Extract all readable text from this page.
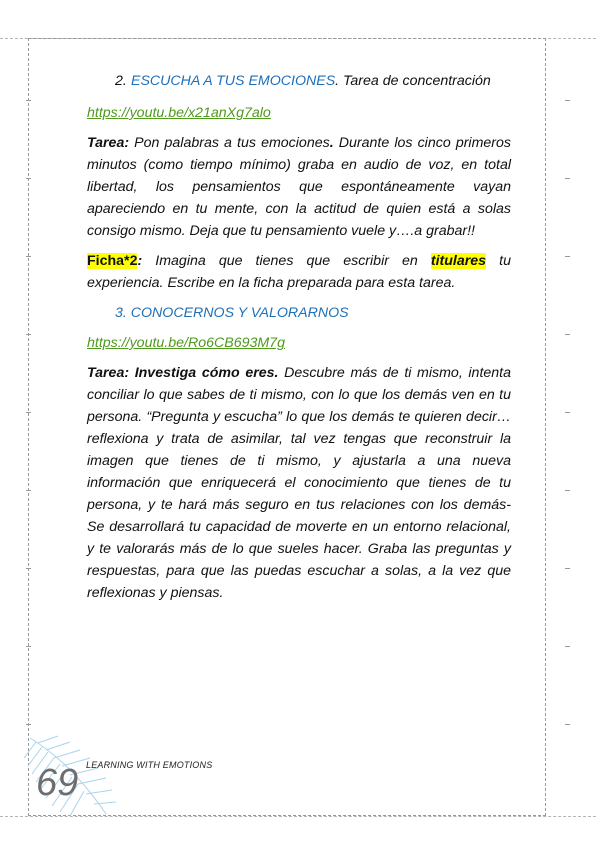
2. ESCUCHA A TUS EMOCIONES. Tarea de concentración
https://youtu.be/x21anXg7alo

Tarea: Pon palabras a tus emociones. Durante los cinco primeros minutos (como tiempo mínimo) graba en audio de voz, en total libertad, los pensamientos que espontáneamente vayan apareciendo en tu mente, con la actitud de quien está a solas consigo mismo. Deja que tu pensamiento vuele y….a grabar!!

Ficha*2: Imagina que tienes que escribir en titulares tu experiencia. Escribe en la ficha preparada para esta tarea.

3. CONOCERNOS Y VALORARNOS

https://youtu.be/Ro6CB693M7g

Tarea: Investiga cómo eres. Descubre más de ti mismo, intenta conciliar lo que sabes de ti mismo, con lo que los demás ven en tu persona. “Pregunta y escucha” lo que los demás te quieren decir…reflexiona y trata de asimilar, tal vez tengas que reconstruir la imagen que tienes de ti mismo, y ajustarla a una nueva información que enriquecerá el conocimiento que tienes de tu persona, y te hará más seguro en tus relaciones con los demás- Se desarrollará tu capacidad de moverte en un entorno relacional, y te valorarás más de lo que sueles hacer. Graba las preguntas y respuestas, para que las puedas escuchar a solas, a la vez que reflexionas y piensas.

69 LEARNING WITH EMOTIONS
